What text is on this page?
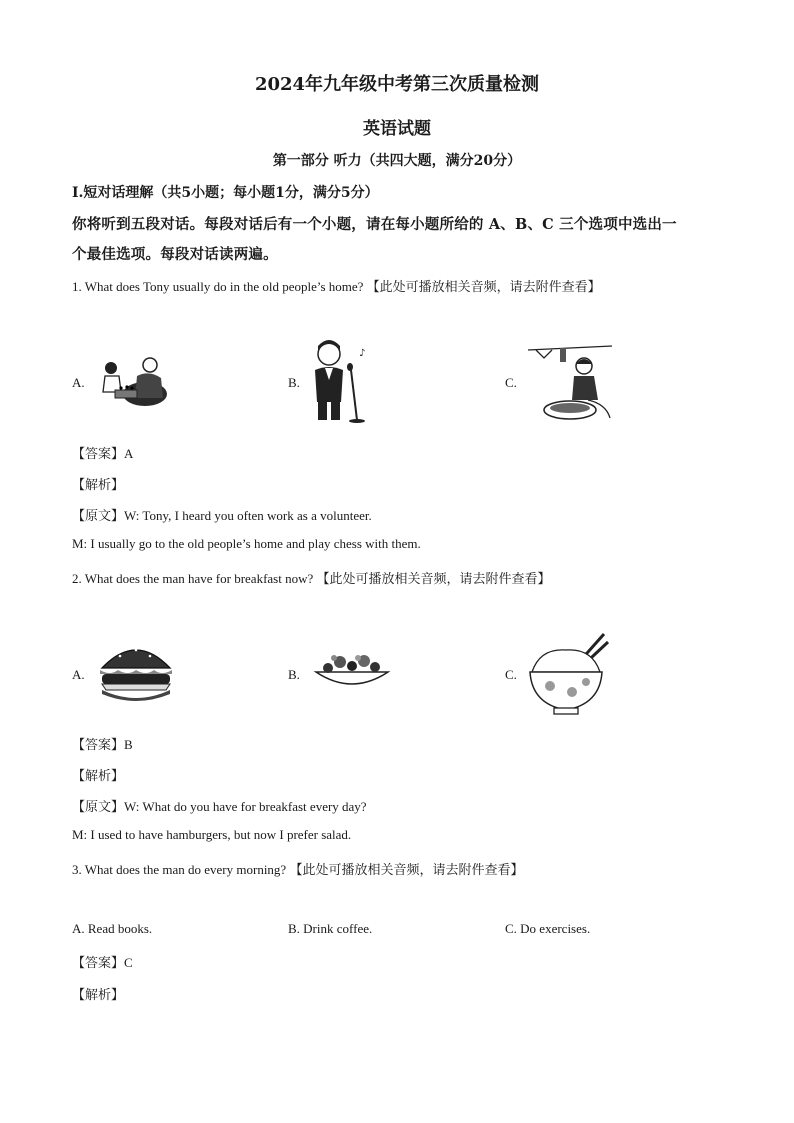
2024年九年级中考第三次质量检测
英语试题
第一部分 听力（共四大题，满分20分）
Ⅰ.短对话理解（共5小题；每小题1分，满分5分）
你将听到五段对话。每段对话后有一个小题，请在每小题所给的 A、B、C 三个选项中选出一
个最佳选项。每段对话读两遍。
1. What does Tony usually do in the old people’s home? 【此处可播放相关音频，请去附件查看】
A.	B.
♪
C.
【答案】A
【解析】
【原文】W: Tony, I heard you often work as a volunteer.
M: I usually go to the old people’s home and play chess with them.
2. What does the man have for breakfast now? 【此处可播放相关音频，请去附件查看】
A.	B.	C.
【答案】B
【解析】
【原文】W: What do you have for breakfast every day?
M: I used to have hamburgers, but now I prefer salad.
3. What does the man do every morning? 【此处可播放相关音频，请去附件查看】
A. Read books.	B. Drink coffee.	C. Do exercises.
【答案】C
【解析】
